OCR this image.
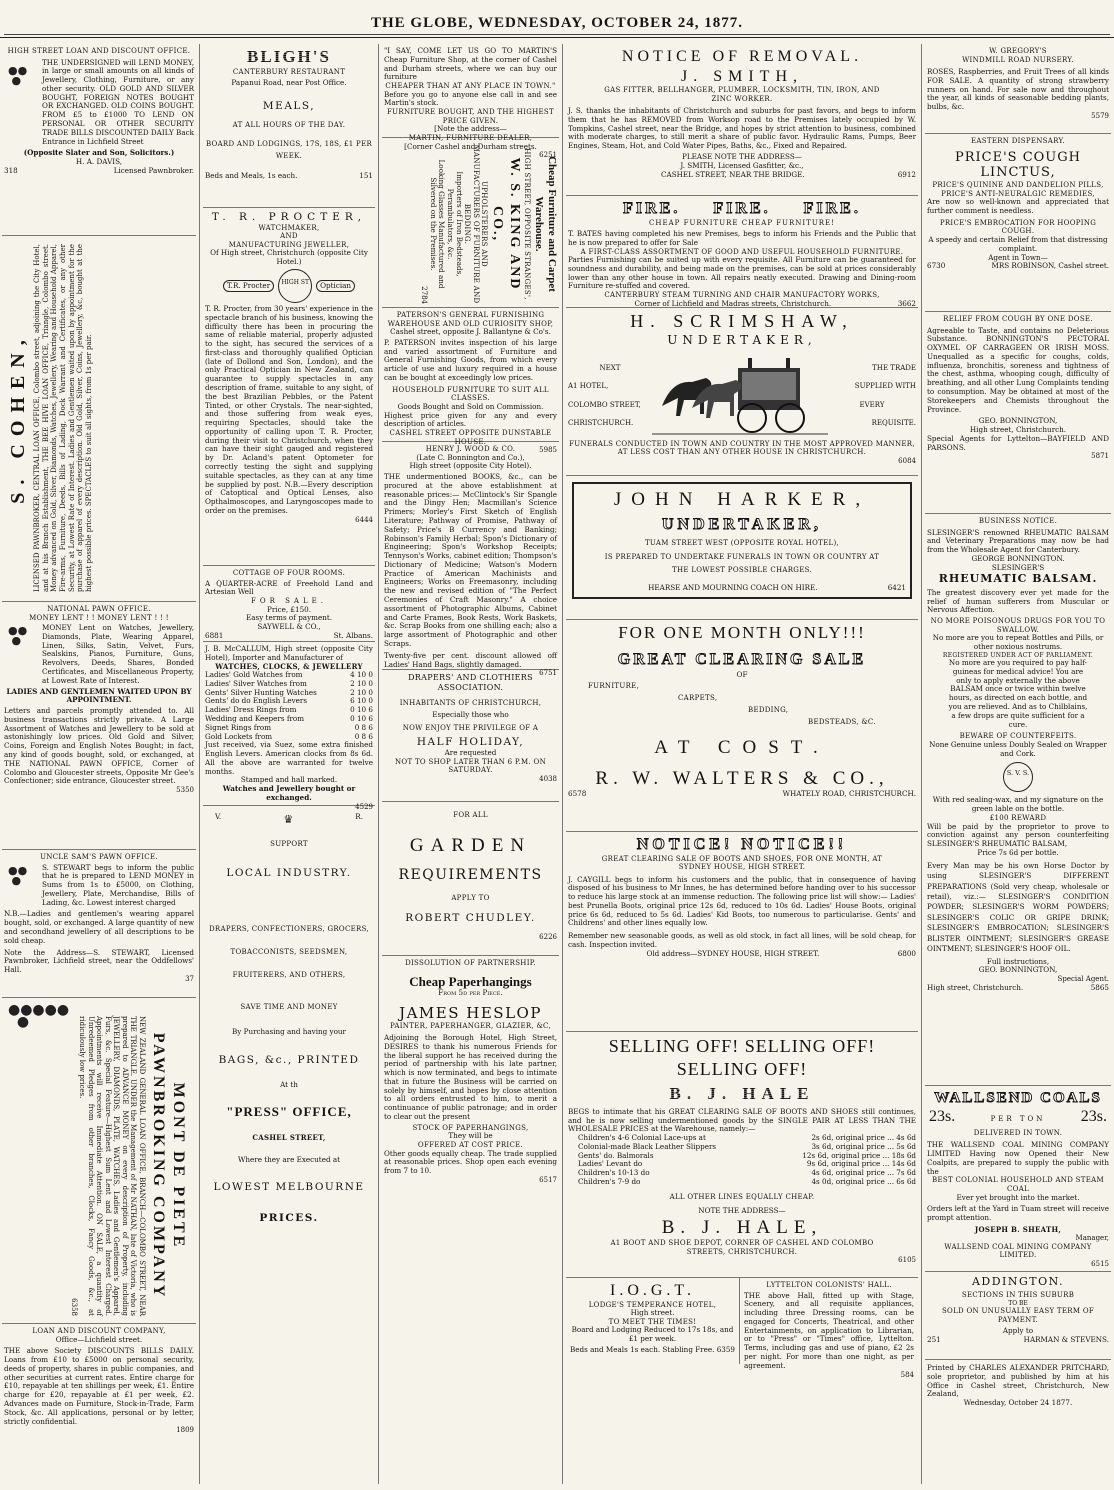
THE GLOBE, WEDNESDAY, OCTOBER 24, 1877.
HIGH STREET LOAN AND DISCOUNT OFFICE.
●●
●
THE UNDERSIGNED will LEND MONEY, in large or small amounts on all kinds of Jewellery, Clothing, Furniture, or any other security. OLD GOLD AND SILVER BOUGHT, FOREIGN NOTES BOUGHT OR EXCHANGED. OLD COINS BOUGHT. FROM £5 to £1000 TO LEND ON PERSONAL OR OTHER SECURITY TRADE BILLS DISCOUNTED DAILY Back Entrance in Lichfield Street
(Opposite Slater and Son, Solicitors.)
H. A. DAVIS,
318	Licensed Pawnbroker.
S. COHEN, LICENSED PAWNBROKER, CENTRAL LOAN OFFICE, Colombo street, adjoining the City Hotel, and at his Branch Establishment, THE BEE HIVE LOAN OFFICE, Triangle, Colombo street. Money advanced on Gold, Silver, Diamonds, Watches, Jewellery, Wearing and Household Apparel, Fire-arms, Furniture, Deeds, Bills of Lading, Dock Warrant and Certificates, or any other Security, at Lowest Rate of Interest. Ladies and Gentlemen waited upon by appointment for the purchase of apparel of every description. Old Gold, Silver, Coins, Jewellery, &c, bought at the highest possible prices. SPECTACLES to suit all sights, from 1s per pair.
NATIONAL PAWN OFFICE.
MONEY LENT ! ! MONEY LENT ! ! !
●●
●
MONEY Lent on Watches, Jewellery, Diamonds, Plate, Wearing Apparel, Linen, Silks, Satin, Velvet, Furs, Sealskins, Pianos, Furniture, Guns, Revolvers, Deeds, Shares, Bonded Certificates, and Miscellaneous Property, at Lowest Rate of Interest.
LADIES AND GENTLEMEN WAITED UPON BY APPOINTMENT.
Letters and parcels promptly attended to. All business transactions strictly private. A Large Assortment of Watches and Jewellery to be sold at astonishingly low prices. Old Gold and Silver, Coins, Foreign and English Notes Bought; in fact, any kind of goods bought, sold, or exchanged, at THE NATIONAL PAWN OFFICE, Corner of Colombo and Gloucester streets, Opposite Mr Gee's Confectioner; side entrance, Gloucester street.
5350
UNCLE SAM'S PAWN OFFICE.
●●
●
S. STEWART begs to inform the public that he is prepared to LEND MONEY in Sums from 1s to £5000, on Clothing, Jewellery, Plate, Merchandise, Bills of Lading, &c. Lowest interest charged
N.B.—Ladies and gentlemen's wearing apparel bought, sold, or exchanged. A large quantity of new and secondhand jewellery of all descriptions to be sold cheap.
Note the Address—S. STEWART, Licensed Pawnbroker, Lichfield street, near the Oddfellows' Hall.
37
●●●●●
●
MONT DE PIETE PAWNBROKING COMPANY
NEW ZEALAND GENERAL LOAN OFFICE, BRANCH—COLOMBO STREET, NEAR THE TRIANGLE. UNDER the Management of Mr NATHAN, late of Victoria, who is prepared to ADVANCE MONEY on every description of Property, including JEWELLERY, DIAMONDS, PLATE, WATCHES, Ladies and Gentlemen's Apparel, Furs, &c. Special Feature—Highest Sum Lent and Lowest Interest Charged. Appointments will receive Immediate Attention. ON SALE, a quantity of Unredeemed Pledges from other branches, Clocks, Fancy Goods, &c., at ridiculously low prices.
6358
LOAN AND DISCOUNT COMPANY,
Office—Lichfield street.
THE above Society DISCOUNTS BILLS DAILY. Loans from £10 to £5000 on personal security, deeds of property, shares in public companies, and other securities at current rates. Entire charge for £10, repayable at ten shillings per week, £1. Entire charge for £20, repayable at £1 per week, £2. Advances made on Furniture, Stock-in-Trade, Farm Stock, &c. All applications, personal or by letter, strictly confidential.
1809
BLIGH'S
CANTERBURY RESTAURANT
Papanui Road, near Post Office.
MEALS,
AT ALL HOURS OF THE DAY.
BOARD AND LODGINGS, 17S, 18S, £1 PER WEEK.
Beds and Meals, 1s each.	151
T. R. PROCTER,
WATCHMAKER,
AND
MANUFACTURING JEWELLER,
Of High street, Christchurch (opposite City Hotel.)
T.R. Procter	HIGH ST	Optician
T. R. Procter, from 30 years' experience in the spectacle branch of his business, knowing the difficulty there has been in procuring the same of reliable material, properly adjusted to the sight, has secured the services of a first-class and thoroughly qualified Optician (late of Dollond and Son, London), and the only Practical Optician in New Zealand, can guarantee to supply spectacles in any description of frame, suitable to any sight, of the best Brazilian Pebbles, or the Patent Tinted, or other Crystals. The near-sighted, and those suffering from weak eyes, requiring Spectacles, should take the opportunity of calling upon T. R. Procter, during their visit to Christchurch, when they can have their sight gauged and registered by Dr. Acland's patent Optometer for correctly testing the sight and supplying suitable spectacles, as they can at any time be supplied by post. N.B.—Every description of Catoptical and Optical Lenses, also Opthalmoscopes, and Laryngoscopes made to order on the premises.
6444
COTTAGE OF FOUR ROOMS.
A QUARTER-ACRE of Freehold Land and Artesian Well
FOR SALE.
Price, £150.
Easy terms of payment.
SAYWELL & CO.,
6881	St. Albans.
J. B. McCALLUM, High street (opposite City Hotel), Importer and Manufacturer of
WATCHES, CLOCKS, & JEWELLERY
Ladies' Gold Watches from	4 10 0
Ladies' Silver Watches from	2 10 0
Gents' Silver Hunting Watches	2 10 0
Gents' do do English Levers	6 10 0
Ladies' Dress Rings from	0 10 6
Wedding and Keepers from	0 10 6
Signet Rings from	0 8 6
Gold Lockets from	0 8 6
Just received, via Suez, some extra finished English Levers. American clocks from 8s 6d. All the above are warranted for twelve months.
Stamped and hall marked.
Watches and Jewellery bought or exchanged.
4529
V.	♛	R.
SUPPORT
LOCAL INDUSTRY.
DRAPERS, CONFECTIONERS, GROCERS, TOBACCONISTS, SEEDSMEN, FRUITERERS, AND OTHERS,
SAVE TIME AND MONEY
By Purchasing and having your
BAGS, &c., PRINTED
At th
"PRESS" OFFICE,
CASHEL STREET,
Where they are Executed at
LOWEST MELBOURNE
PRICES.
"I SAY, COME LET US GO TO MARTIN'S Cheap Furniture Shop, at the corner of Cashel and Durham streets, where we can buy our furniture
CHEAPER THAN AT ANY PLACE IN TOWN."
Before you go to anyone else call in and see Martin's stock.
FURNITURE BOUGHT, AND THE HIGHEST PRICE GIVEN.
[Note the address—
MARTIN, FURNITURE DEALER,
[Corner Cashel and Durham streets.
6251
Cheap Furniture and Carpet Warehouse.
HIGH STREET, OPPOSITE STRANGES',
W. S. KING AND CO.,
UPHOLSTERERS AND MANUFACTURERS OF FURNITURE AND BEDDING.
Importers of Iron Bedsteads, Perambulators, &c.
Looking Glasses Manufactured and Silvered on the Premises.
2784
PATERSON'S GENERAL FURNISHING WAREHOUSE AND OLD CURIOSITY SHOP,
Cashel street, opposite J. Ballantyne & Co's.
P. PATERSON invites inspection of his large and varied assortment of Furniture and General Furnishing Goods, from which every article of use and luxury required in a house can be bought at exceedingly low prices.
HOUSEHOLD FURNITURE TO SUIT ALL CLASSES.
Goods Bought and Sold on Commission.
Highest price given for any and every description of articles.
CASHEL STREET OPPOSITE DUNSTABLE HOUSE.
5985
HENRY J. WOOD & CO.
(Late C. Bonnington and Co.),
High street (opposite City Hotel).
THE undermentioned BOOKS, &c., can be procured at the above establishment at reasonable prices:— McClintock's Sir Spangle and the Dingy Hen; Macmillan's Science Primers; Morley's First Sketch of English Literature; Pathway of Promise, Pathway of Safety; Price's B Currency and Banking; Robinson's Family Herbal; Spon's Dictionary of Engineering; Spon's Workshop Receipts; Tennyson's Works, cabinet edition; Thompson's Dictionary of Medicine; Watson's Modern Practice of American Machinists and Engineers; Works on Freemasonry, including the new and revised edition of "The Perfect Ceremonies of Craft Masonry." A choice assortment of Photographic Albums, Cabinet and Carte Frames, Book Rests, Work Baskets, &c. Scrap Books from one shilling each; also a large assortment of Photographic and other Scraps.
Twenty-five per cent. discount allowed off Ladies' Hand Bags, slightly damaged.
6751
DRAPERS' AND CLOTHIERS ASSOCIATION.
INHABITANTS OF CHRISTCHURCH,
Especially those who
NOW ENJOY THE PRIVILEGE OF A
HALF HOLIDAY,
Are requested
NOT TO SHOP LATER THAN 6 P.M. ON SATURDAY.
4038
FOR ALL
GARDEN
REQUIREMENTS
APPLY TO
ROBERT CHUDLEY.
6226
DISSOLUTION OF PARTNERSHIP.
Cheap Paperhangings
From 5d per Piece.
JAMES HESLOP
PAINTER, PAPERHANGER, GLAZIER, &C,
Adjoining the Borough Hotel, High Street, DESIRES to thank his numerous Friends for the liberal support he has received during the period of partnership with his late partner, which is now terminated, and begs to intimate that in future the Business will be carried on solely by himself, and hopes by close attention to all orders entrusted to him, to merit a continuance of public patronage; and in order to clear out the present
STOCK OF PAPERHANGINGS,
They will be
OFFERED AT COST PRICE.
Other goods equally cheap. The trade supplied at reasonable prices. Shop open each evening from 7 to 10.
6517
NOTICE OF REMOVAL.
J. SMITH,
GAS FITTER, BELLHANGER, PLUMBER, LOCKSMITH, TIN, IRON, AND ZINC WORKER.
J. S. thanks the inhabitants of Christchurch and suburbs for past favors, and begs to inform them that he has REMOVED from Worksop road to the Premises lately occupied by W. Tompkins, Cashel street, near the Bridge, and hopes by strict attention to business, combined with moderate charges, to still merit a share of public favor. Hydraulic Rams, Pumps, Beer Engines, Steam, Hot, and Cold Water Pipes, Baths, &c., Fixed and Repaired.
PLEASE NOTE THE ADDRESS—
J. SMITH, Licensed Gasfitter, &c.,
CASHEL STREET, NEAR THE BRIDGE.	6912
FIRE. FIRE. FIRE.
CHEAP FURNITURE CHEAP FURNITURE!
T. BATES having completed his new Premises, begs to inform his Friends and the Public that he is now prepared to offer for Sale
A FIRST-CLASS ASSORTMENT OF GOOD AND USEFUL HOUSEHOLD FURNITURE.
Parties Furnishing can be suited up with every requisite. All Furniture can be guaranteed for soundness and durability, and being made on the premises, can be sold at prices considerably lower than any other house in town. All repairs neatly executed. Drawing and Dining-room Furniture re-stuffed and covered.
CANTERBURY STEAM TURNING AND CHAIR MANUFACTORY WORKS,
Corner of Lichfield and Madras streets, Christchurch.	3662
H. SCRIMSHAW,
UNDERTAKER,
NEXT
A1 HOTEL,
COLOMBO STREET,
CHRISTCHURCH.
THE TRADE
SUPPLIED WITH
EVERY
REQUISITE.
FUNERALS CONDUCTED IN TOWN AND COUNTRY IN THE MOST APPROVED MANNER, AT LESS COST THAN ANY OTHER HOUSE IN CHRISTCHURCH.
6084
JOHN HARKER,
UNDERTAKER,
TUAM STREET WEST (OPPOSITE ROYAL HOTEL),
IS PREPARED TO UNDERTAKE FUNERALS IN TOWN OR COUNTRY AT THE LOWEST POSSIBLE CHARGES.
HEARSE AND MOURNING COACH ON HIRE.	6421
FOR ONE MONTH ONLY!!!
GREAT CLEARING SALE
OF
FURNITURE,
CARPETS,
BEDDING,
BEDSTEADS, &C.
AT COST.
R. W. WALTERS & CO.,
6578	WHATELY ROAD, CHRISTCHURCH.
NOTICE! NOTICE!!
GREAT CLEARING SALE OF BOOTS AND SHOES, FOR ONE MONTH, AT SYDNEY HOUSE, HIGH STREET.
J. CAYGILL begs to inform his customers and the public, that in consequence of having disposed of his business to Mr Innes, he has determined before handing over to his successor to reduce his large stock at an immense reduction. The following price list will show:— Ladies' best Prunella Boots, original price 12s 6d, reduced to 10s 6d. Ladies' House Boots, original price 6s 6d, reduced to 5s 6d. Ladies' Kid Boots, too numerous to particularise. Gents' and Childrens' and other lines equally low.
Remember new seasonable goods, as well as old stock, in fact all lines, will be sold cheap, for cash. Inspection invited.
Old address—SYDNEY HOUSE, HIGH STREET.	6800
SELLING OFF! SELLING OFF! SELLING OFF!
B. J. HALE
BEGS to intimate that his GREAT CLEARING SALE OF BOOTS AND SHOES still continues, and he is now selling undermentioned goods by the SINGLE PAIR AT LESS THAN THE WHOLESALE PRICES at the Warehouse, namely:—
Children's 4-6 Colonial Lace-ups at	2s 6d, original price ... 4s 6d
Colonial-made Black Leather Slippers	3s 6d, original price ... 5s 6d
Gents' do. Balmorals	12s 6d, original price ... 18s 6d
Ladies' Levant do	9s 6d, original price ... 14s 6d
Children's 10-13 do	4s 6d, original price ... 7s 6d
Children's 7-9 do	4s 0d, original price ... 6s 6d
ALL OTHER LINES EQUALLY CHEAP.
NOTE THE ADDRESS—
B. J. HALE,
A1 BOOT AND SHOE DEPOT, CORNER OF CASHEL AND COLOMBO STREETS, CHRISTCHURCH.
6105
I.O.G.T.
LODGE'S TEMPERANCE HOTEL,
High street.
TO MEET THE TIMES!
Board and Lodging Reduced to 17s 18s, and £1 per week.
Beds and Meals 1s each. Stabling Free. 6359
LYTTELTON COLONISTS' HALL.
THE above Hall, fitted up with Stage, Scenery, and all requisite appliances, including three Dressing rooms, can be engaged for Concerts, Theatrical, and other Entertainments, on application to Librarian, or to "Press" or "Times" office, Lyttelton. Terms, including gas and use of piano, £2 2s per night. For more than one night, as per agreement.
584
W. GREGORY'S
WINDMILL ROAD NURSERY.
ROSES, Raspberries, and Fruit Trees of all kinds FOR SALE. A quantity of strong strawberry runners on hand. For sale now and throughout the year, all kinds of seasonable bedding plants, bulbs, &c.
5579
EASTERN DISPENSARY.
PRICE'S COUGH LINCTUS,
PRICE'S QUININE AND DANDELION PILLS,
PRICE'S ANTI-NEURALGIC REMEDIES,
Are now so well-known and appreciated that further comment is needless.
PRICE'S EMBROCATION FOR HOOPING COUGH.
A speedy and certain Relief from that distressing complaint.
Agent in Town—
6730	MRS ROBINSON, Cashel street.
RELIEF FROM COUGH BY ONE DOSE.
Agreeable to Taste, and contains no Deleterious Substance. BONNINGTON'S PECTORAL OXYMEL OF CARRAGEEN OR IRISH MOSS. Unequalled as a specific for coughs, colds, influenza, bronchitis, soreness and tightness of the chest, asthma, whooping cough, difficulty of breathing, and all other Lung Complaints tending to consumption. May be obtained at most of the Storekeepers and Chemists throughout the Province.
GEO. BONNINGTON,
High street, Christchurch.
Special Agents for Lyttelton—BAYFIELD AND PARSONS.
5871
BUSINESS NOTICE.
SLESINGER'S renowned RHEUMATIC BALSAM and Veterinary Preparations may now be had from the Wholesale Agent for Canterbury.
GEORGE BONNINGTON.
SLESINGER'S
RHEUMATIC BALSAM.
The greatest discovery ever yet made for the relief of human sufferers from Muscular or Nervous Affection.
NO MORE POISONOUS DRUGS FOR YOU TO SWALLOW.
No more are you to repeat Bottles and Pills, or other noxious nostrums.
REGISTERED UNDER ACT OF PARLIAMENT.
No more are you required to pay half-guineas for medical advice! You are only to apply externally the above BALSAM once or twice within twelve hours, as directed on each bottle, and you are relieved. And as to Chilblains, a few drops are quite sufficient for a cure.
BEWARE OF COUNTERFEITS.
None Genuine unless Doubly Sealed on Wrapper and Cork.
S. V. S.
With red sealing-wax, and my signature on the green lable on the bottle.
£100 REWARD
Will be paid by the proprietor to prove to conviction against any person counterfeiting SLESINGER'S RHEUMATIC BALSAM,
Price 7s 6d per bottle.
Every Man may be his own Horse Doctor by using SLESINGER'S DIFFERENT PREPARATIONS (Sold very cheap, wholesale or retail), viz.:— SLESINGER'S CONDITION POWDER; SLESINGER'S WORM POWDERS; SLESINGER'S COLIC OR GRIPE DRINK; SLESINGER'S EMBROCATION; SLESINGER'S BLISTER OINTMENT; SLESINGER'S GREASE OINTMENT; SLESINGER'S HOOF OIL.
Full instructions,
GEO. BONNINGTON,
Special Agent.
High street, Christchurch.	5865
WALLSEND COALS
23s.	PER TON 23s.
DELIVERED IN TOWN.
THE WALLSEND COAL MINING COMPANY LIMITED Having now Opened their New Coalpits, are prepared to supply the public with the
BEST COLONIAL HOUSEHOLD AND STEAM COAL
Ever yet brought into the market.
Orders left at the Yard in Tuam street will receive prompt attention.
JOSEPH B. SHEATH,
Manager,
WALLSEND COAL MINING COMPANY LIMITED.
6515
ADDINGTON.
SECTIONS IN THIS SUBURB
TO BE
SOLD ON UNUSUALLY EASY TERM OF PAYMENT.
Apply to
251	HARMAN & STEVENS.
Printed by CHARLES ALEXANDER PRITCHARD, sole proprietor, and published by him at his Office in Cashel street, Christchurch, New Zealand,
Wednesday, October 24 1877.
